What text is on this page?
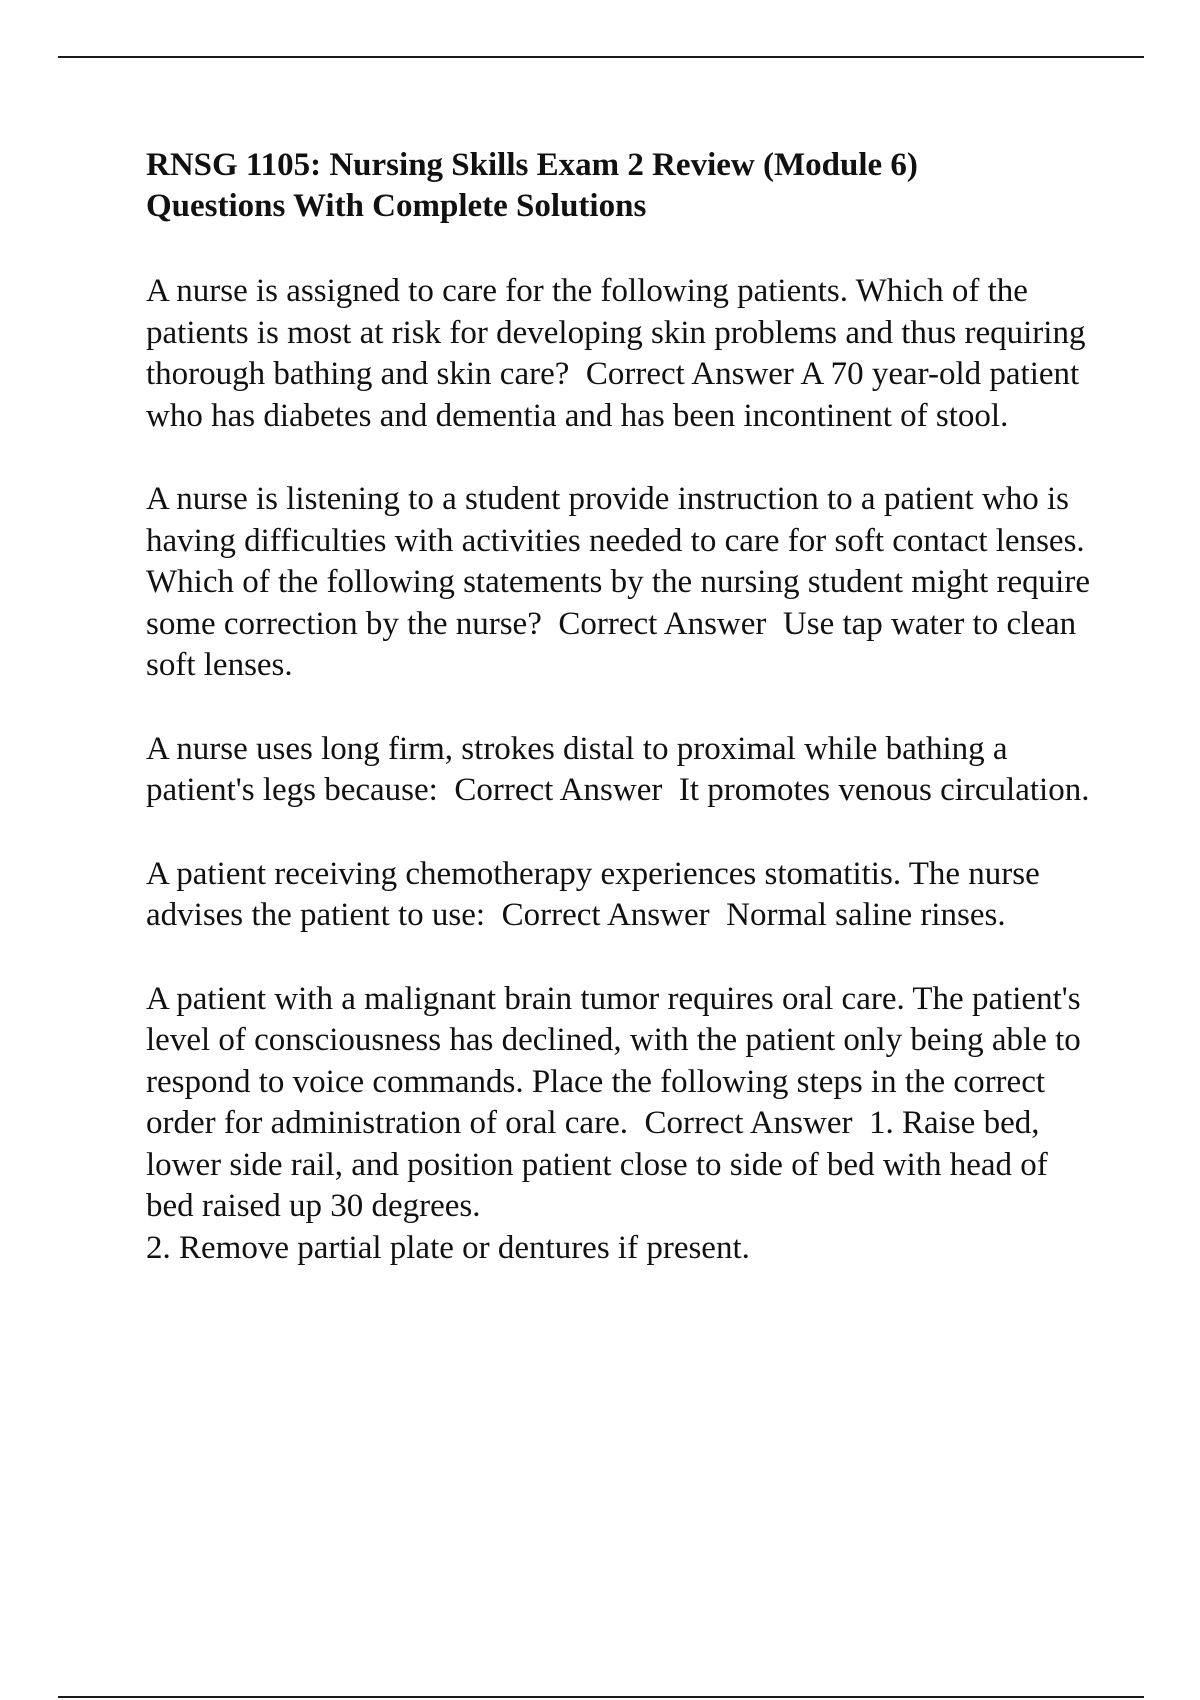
RNSG 1105: Nursing Skills Exam 2 Review (Module 6)
Questions With Complete Solutions

A nurse is assigned to care for the following patients. Which of the patients is most at risk for developing skin problems and thus requiring thorough bathing and skin care? Correct Answer A 70 year-old patient who has diabetes and dementia and has been incontinent of stool.

A nurse is listening to a student provide instruction to a patient who is having difficulties with activities needed to care for soft contact lenses. Which of the following statements by the nursing student might require some correction by the nurse? Correct Answer Use tap water to clean soft lenses.

A nurse uses long firm, strokes distal to proximal while bathing a patient's legs because: Correct Answer It promotes venous circulation.

A patient receiving chemotherapy experiences stomatitis. The nurse advises the patient to use: Correct Answer Normal saline rinses.

A patient with a malignant brain tumor requires oral care. The patient's level of consciousness has declined, with the patient only being able to respond to voice commands. Place the following steps in the correct order for administration of oral care. Correct Answer 1. Raise bed, lower side rail, and position patient close to side of bed with head of bed raised up 30 degrees.
2. Remove partial plate or dentures if present.
